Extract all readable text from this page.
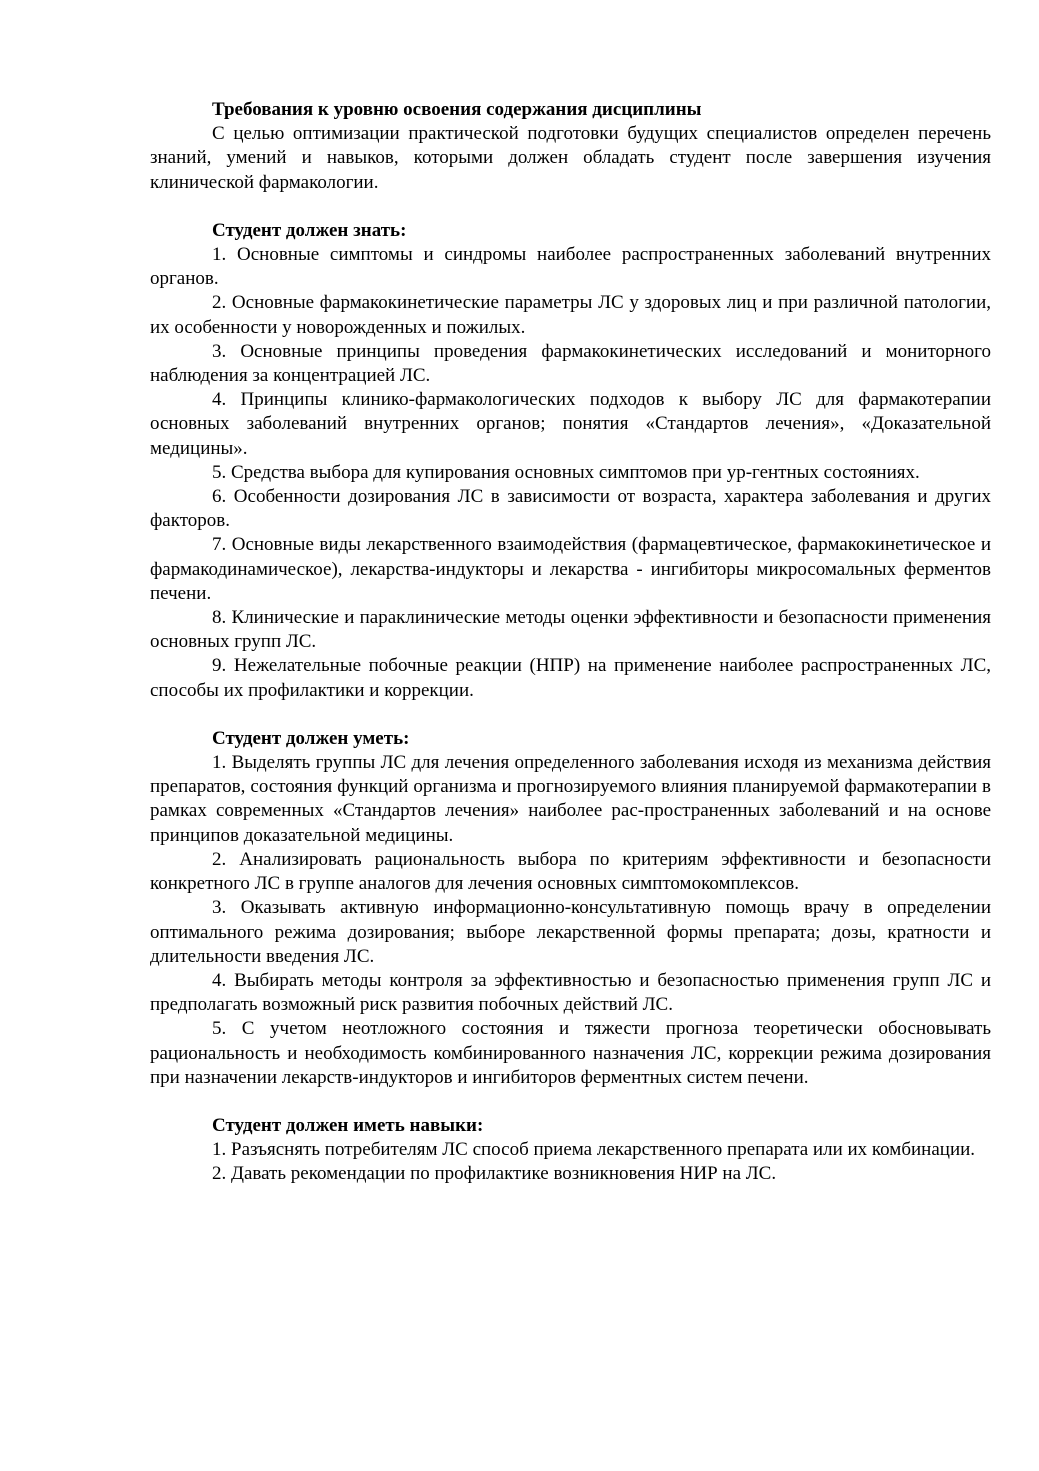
Требования к уровню освоения содержания дисциплины

С целью оптимизации практической подготовки будущих специалистов определен перечень знаний, умений и навыков, которыми должен обладать студент после завершения изучения клинической фармакологии.

Студент должен знать:

1. Основные симптомы и синдромы наиболее распространенных заболеваний внутренних органов.

2. Основные фармакокинетические параметры ЛС у здоровых лиц и при различной патологии, их особенности у новорожденных и пожилых.

3. Основные принципы проведения фармакокинетических исследований и мониторного наблюдения за концентрацией ЛС.

4. Принципы клинико-фармакологических подходов к выбору ЛС для фармакотерапии основных заболеваний внутренних органов; понятия «Стандартов лечения», «Доказательной медицины».

5. Средства выбора для купирования основных симптомов при ур-гентных состояниях.

6. Особенности дозирования ЛС в зависимости от возраста, характера заболевания и других факторов.

7. Основные виды лекарственного взаимодействия (фармацевтическое, фармакокинетическое и фармакодинамическое), лекарства-индукторы и лекарства - ингибиторы микросомальных ферментов печени.

8. Клинические и параклинические методы оценки эффективности и безопасности применения основных групп ЛС.

9. Нежелательные побочные реакции (НПР) на применение наиболее распространенных ЛС, способы их профилактики и коррекции.

Студент должен уметь:

1. Выделять группы ЛС для лечения определенного заболевания исходя из механизма действия препаратов, состояния функций организма и прогнозируемого влияния планируемой фармакотерапии в рамках современных «Стандартов лечения» наиболее рас-пространенных заболеваний и на основе принципов доказательной медицины.

2. Анализировать рациональность выбора по критериям эффективности и безопасности конкретного ЛС в группе аналогов для лечения основных симптомокомплексов.

3. Оказывать активную информационно-консультативную помощь врачу в определении оптимального режима дозирования; выборе лекарственной формы препарата; дозы, кратности и длительности введения ЛС.

4. Выбирать методы контроля за эффективностью и безопасностью применения групп ЛС и предполагать возможный риск развития побочных действий ЛС.

5. С учетом неотложного состояния и тяжести прогноза теоретически обосновывать рациональность и необходимость комбинированного назначения ЛС, коррекции режима дозирования при назначении лекарств-индукторов и ингибиторов ферментных систем печени.

Студент должен иметь навыки:

1. Разъяснять потребителям ЛС способ приема лекарственного препарата или их комбинации.

2. Давать рекомендации по профилактике возникновения НИР на ЛС.
